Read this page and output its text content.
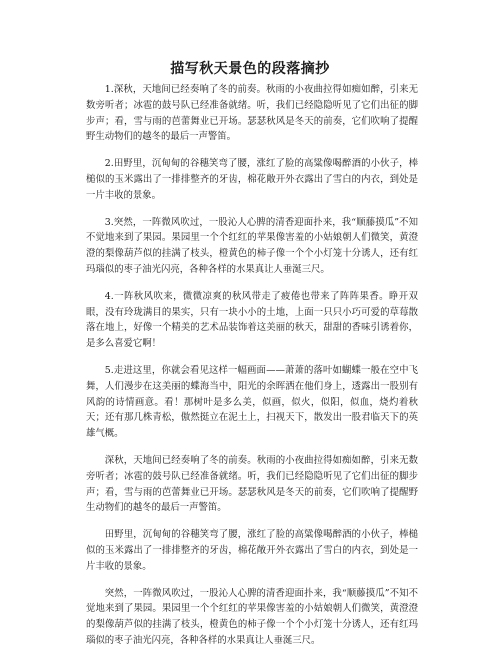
描写秋天景色的段落摘抄

1.深秋，天地间已经奏响了冬的前奏。秋雨的小夜曲拉得如痴如醉，引来无数旁听者；冰雹的鼓号队已经准备就绪。听，我们已经隐隐听见了它们出征的脚步声；看，雪与雨的芭蕾舞业已开场。瑟瑟秋风是冬天的前奏，它们吹响了提醒野生动物们的越冬的最后一声警笛。

2.田野里，沉甸甸的谷穗笑弯了腰，涨红了脸的高粱像喝醉酒的小伙子，棒槌似的玉米露出了一排排整齐的牙齿，棉花敞开外衣露出了雪白的内衣，到处是一片丰收的景象。

3.突然，一阵微风吹过，一股沁人心脾的清香迎面扑来，我“顺藤摸瓜”不知不觉地来到了果园。果园里一个个红红的苹果像害羞的小姑娘朝人们微笑，黄澄澄的梨像葫芦似的挂满了枝头，橙黄色的柿子像一个个小灯笼十分诱人，还有红玛瑙似的枣子油光闪亮，各种各样的水果真让人垂涎三尺。

4.一阵秋风吹来，微微凉爽的秋风带走了疲倦也带来了阵阵果香。睁开双眼，没有玲珑满目的果实，只有一块小小的土地，上面一只只小巧可爱的草莓散落在地上，好像一个精美的艺术品装饰着这美丽的秋天，甜甜的香味引诱着你，是多么喜爱它啊！

5.走进这里，你就会看见这样一幅画面——萧萧的落叶如蝴蝶一般在空中飞舞，人们漫步在这美丽的蝶海当中，阳光的余晖洒在他们身上，透露出一股别有风韵的诗情画意。看！那树叶是多么美，似画，似火，似阳，似血，烧灼着秋天；还有那几株青松，傲然挺立在泥土上，扫视天下，散发出一股君临天下的英雄气概。

深秋，天地间已经奏响了冬的前奏。秋雨的小夜曲拉得如痴如醉，引来无数旁听者；冰雹的鼓号队已经准备就绪。听，我们已经隐隐听见了它们出征的脚步声；看，雪与雨的芭蕾舞业已开场。瑟瑟秋风是冬天的前奏，它们吹响了提醒野生动物们的越冬的最后一声警笛。

田野里，沉甸甸的谷穗笑弯了腰，涨红了脸的高粱像喝醉酒的小伙子，棒槌似的玉米露出了一排排整齐的牙齿，棉花敞开外衣露出了雪白的内衣，到处是一片丰收的景象。

突然，一阵微风吹过，一股沁人心脾的清香迎面扑来，我“顺藤摸瓜”不知不觉地来到了果园。果园里一个个红红的苹果像害羞的小姑娘朝人们微笑，黄澄澄的梨像葫芦似的挂满了枝头，橙黄色的柿子像一个个小灯笼十分诱人，还有红玛瑙似的枣子油光闪亮，各种各样的水果真让人垂涎三尺。
